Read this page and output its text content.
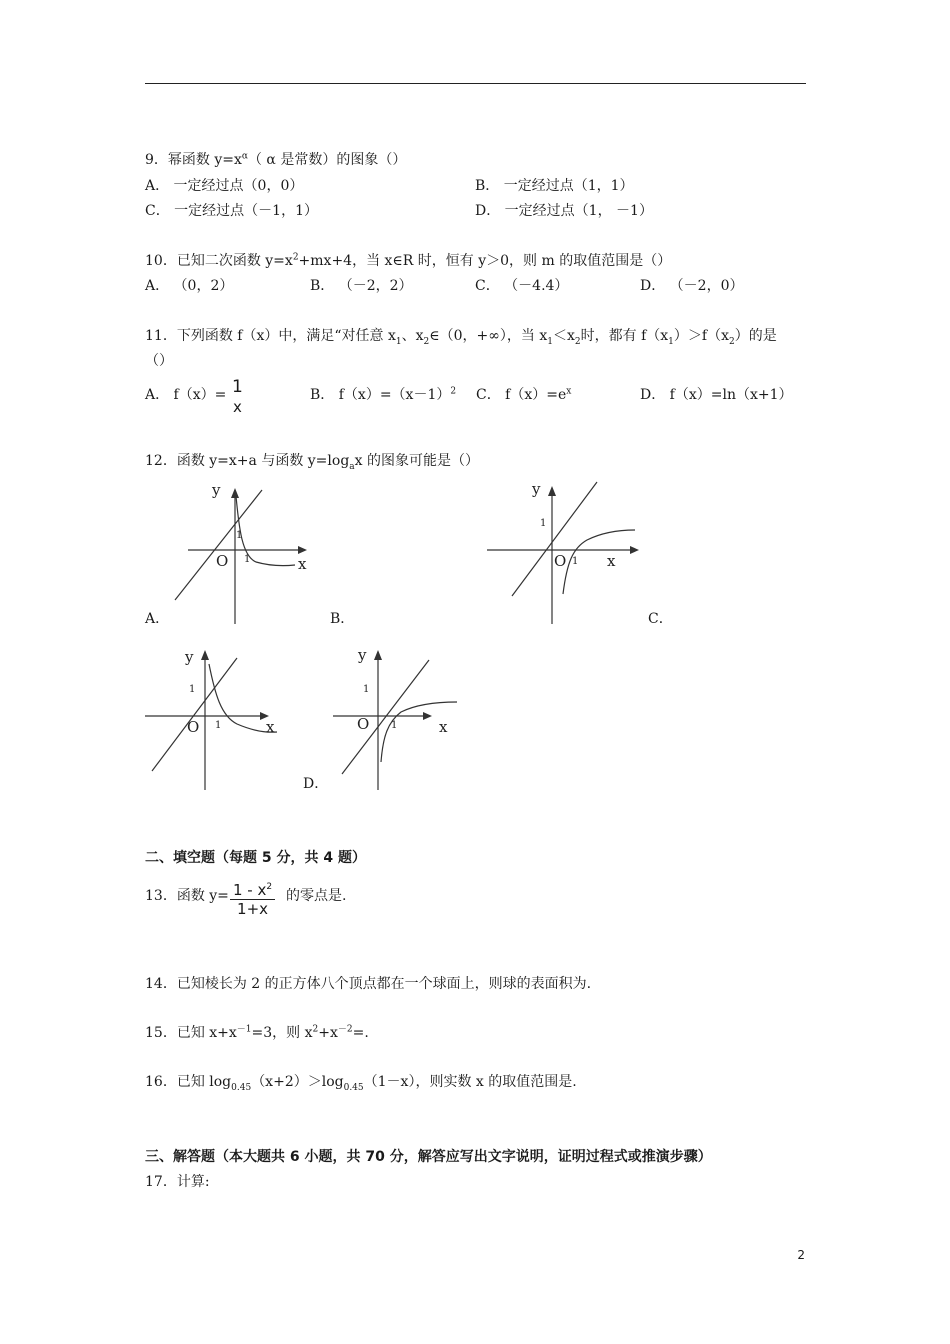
9．幂函数 $y=x^\alpha$（ α 是常数）的图象（）
A． 一定经过点（0，0）	B． 一定经过点（1，1）
C． 一定经过点（－1，1）	D． 一定经过点（1， －1）
10．已知二次函数 $y=x^2+mx+4$，当 x∈R 时，恒有 y＞0，则 m 的取值范围是（）
A． （0，2）	B． （－2，2）	C． （－4.4）	D． （－2，0）
11．下列函数 f（x）中，满足“对任意 $x_1$、$x_2\in(0$，+∞），当 $x_1<x_2$时，都有 $f(x_1)>f(x_2)$的是
（）
A． f（x）= 1
x
B． $f(x)=(x-1)^2$ C． $f(x)=e^x$	D． f（x）=ln（x+1）
12．函数 y=x+a 与函数 $y=\log_ax$ 的图象可能是（）
y
x
O
1
1
A．	B．
y
x
O
1
1
C．
y
x
O
1
1
y
x
O
1
1
D．
二、填空题（每题 5 分，共 4 题）
13．函数 $y= \frac{1 - x^2}{1+x}$ 的零点是.
14．已知棱长为 2 的正方体八个顶点都在一个球面上，则球的表面积为.
15．已知 $x+x^{-1}=3$，则 $x^2+x^{-2}=$.
16．已知 $\log_{0.45}(x+2)>\log_{0.45}(1-x)$，则实数 x 的取值范围是.
三、解答题（本大题共 6 小题，共 70 分，解答应写出文字说明，证明过程式或推演步骤）
17．计算:
2
